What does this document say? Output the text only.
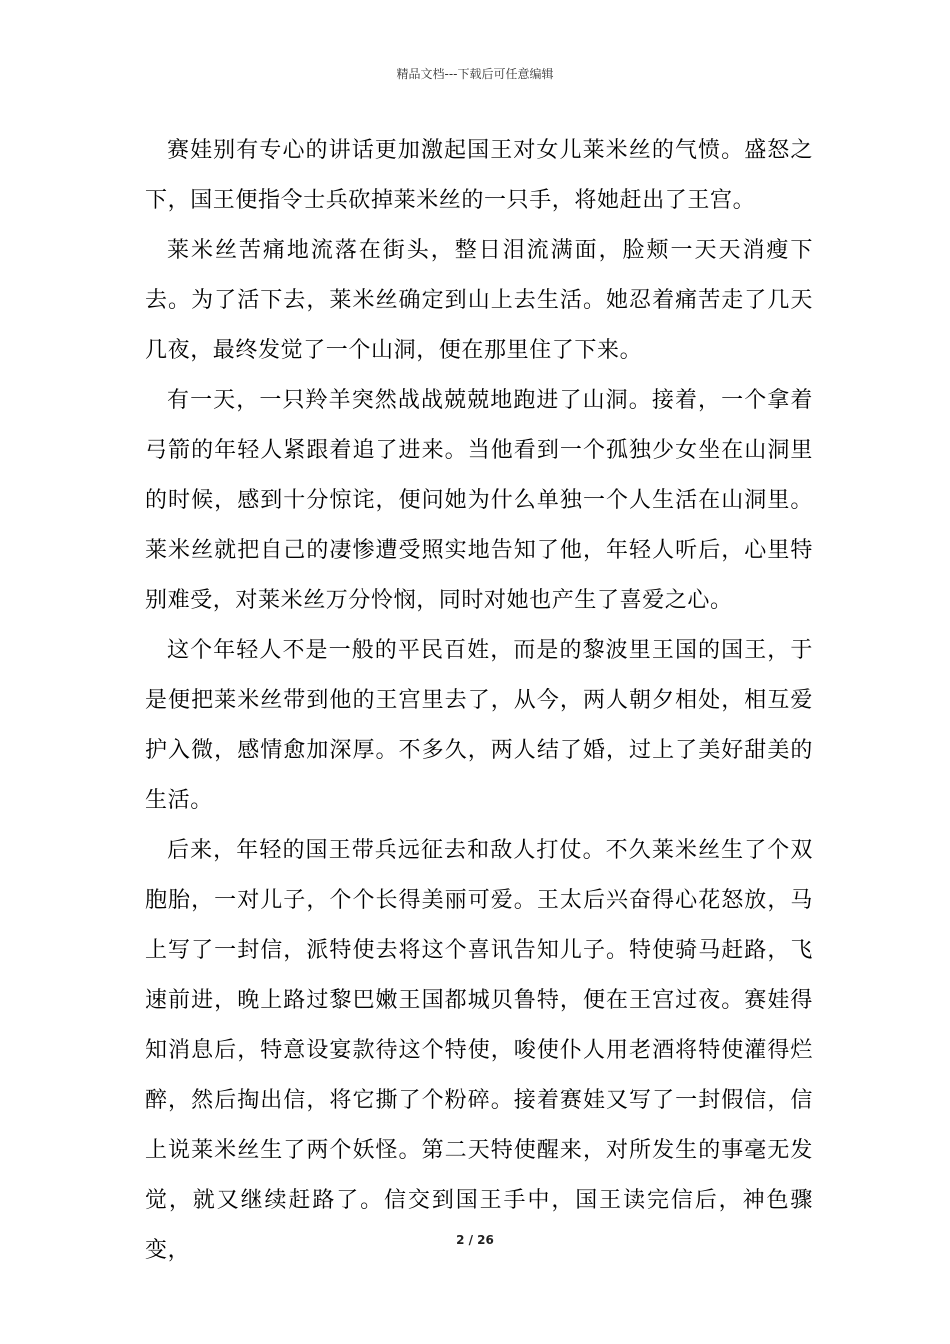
精品文档---下载后可任意编辑

赛娃别有专心的讲话更加激起国王对女儿莱米丝的气愤。盛怒之下，国王便指令士兵砍掉莱米丝的一只手，将她赶出了王宫。

莱米丝苦痛地流落在街头，整日泪流满面，脸颊一天天消瘦下去。为了活下去，莱米丝确定到山上去生活。她忍着痛苦走了几天几夜，最终发觉了一个山洞，便在那里住了下来。

有一天，一只羚羊突然战战兢兢地跑进了山洞。接着，一个拿着弓箭的年轻人紧跟着追了进来。当他看到一个孤独少女坐在山洞里的时候，感到十分惊诧，便问她为什么单独一个人生活在山洞里。莱米丝就把自己的凄惨遭受照实地告知了他，年轻人听后，心里特别难受，对莱米丝万分怜悯，同时对她也产生了喜爱之心。

这个年轻人不是一般的平民百姓，而是的黎波里王国的国王，于是便把莱米丝带到他的王宫里去了，从今，两人朝夕相处，相互爱护入微，感情愈加深厚。不多久，两人结了婚，过上了美好甜美的生活。

后来，年轻的国王带兵远征去和敌人打仗。不久莱米丝生了个双胞胎，一对儿子，个个长得美丽可爱。王太后兴奋得心花怒放，马上写了一封信，派特使去将这个喜讯告知儿子。特使骑马赶路，飞速前进，晚上路过黎巴嫩王国都城贝鲁特，便在王宫过夜。赛娃得知消息后，特意设宴款待这个特使，唆使仆人用老酒将特使灌得烂醉，然后掏出信，将它撕了个粉碎。接着赛娃又写了一封假信，信上说莱米丝生了两个妖怪。第二天特使醒来，对所发生的事毫无发觉，就又继续赶路了。信交到国王手中，国王读完信后，神色骤变，	2 / 26
